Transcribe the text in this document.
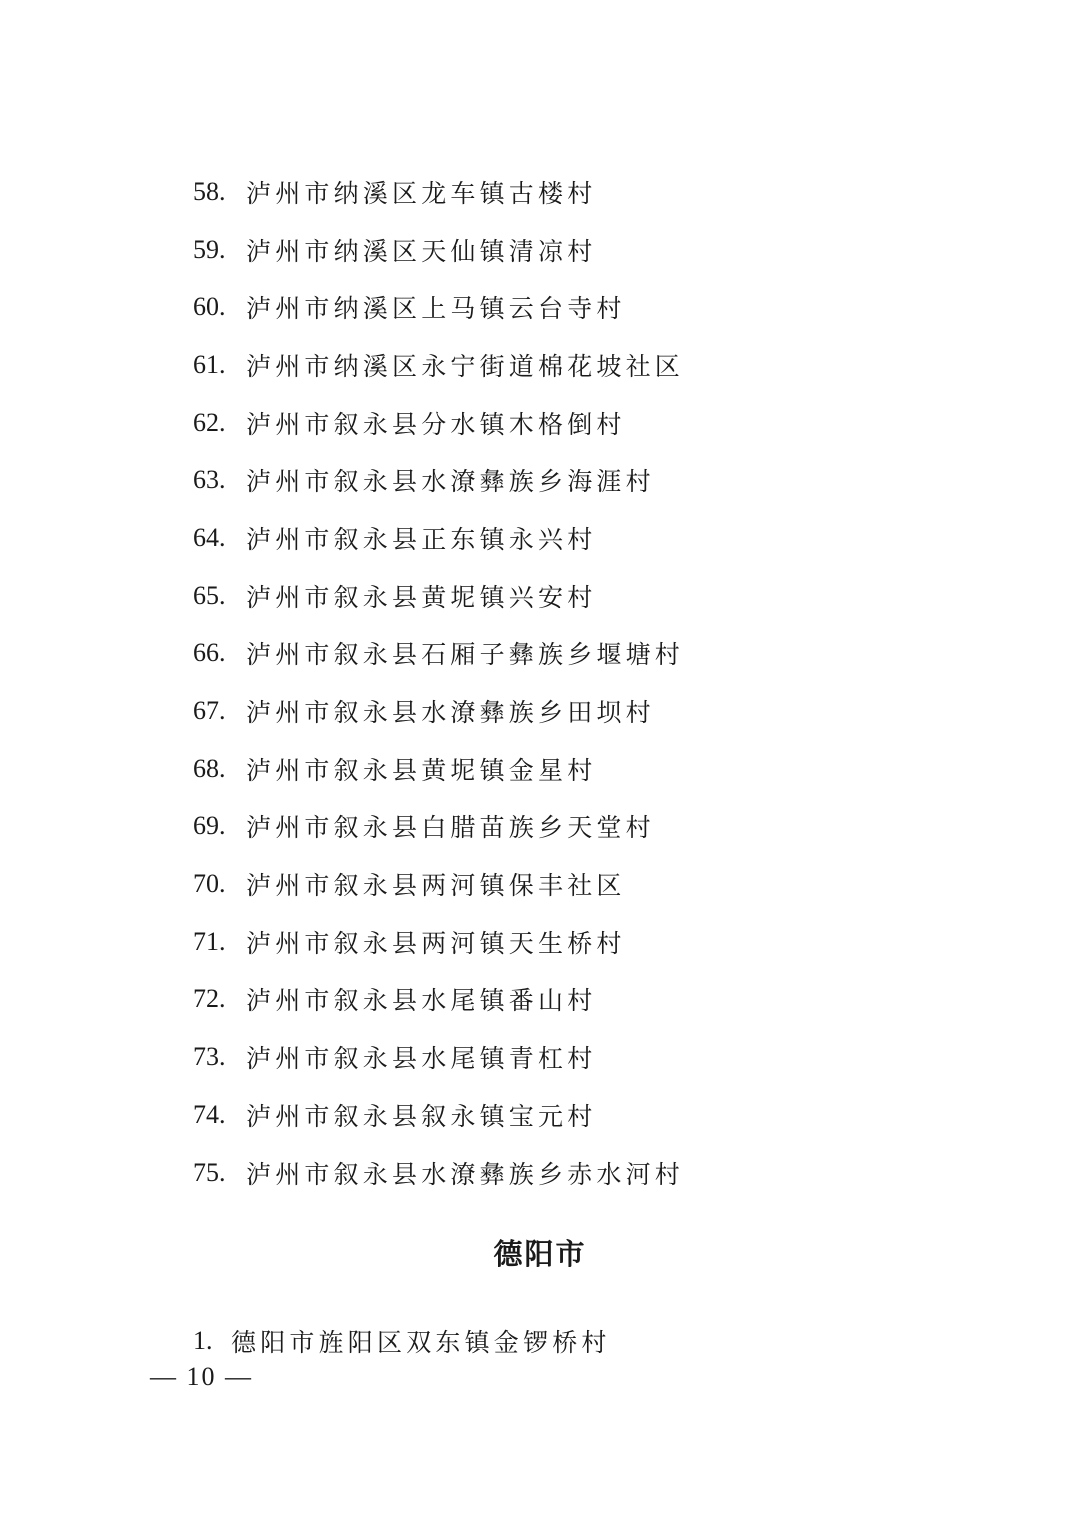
58. 泸州市纳溪区龙车镇古楼村
59. 泸州市纳溪区天仙镇清凉村
60. 泸州市纳溪区上马镇云台寺村
61. 泸州市纳溪区永宁街道棉花坡社区
62. 泸州市叙永县分水镇木格倒村
63. 泸州市叙永县水潦彝族乡海涯村
64. 泸州市叙永县正东镇永兴村
65. 泸州市叙永县黄坭镇兴安村
66. 泸州市叙永县石厢子彝族乡堰塘村
67. 泸州市叙永县水潦彝族乡田坝村
68. 泸州市叙永县黄坭镇金星村
69. 泸州市叙永县白腊苗族乡天堂村
70. 泸州市叙永县两河镇保丰社区
71. 泸州市叙永县两河镇天生桥村
72. 泸州市叙永县水尾镇番山村
73. 泸州市叙永县水尾镇青杠村
74. 泸州市叙永县叙永镇宝元村
75. 泸州市叙永县水潦彝族乡赤水河村
德阳市
1. 德阳市旌阳区双东镇金锣桥村
— 10 —
